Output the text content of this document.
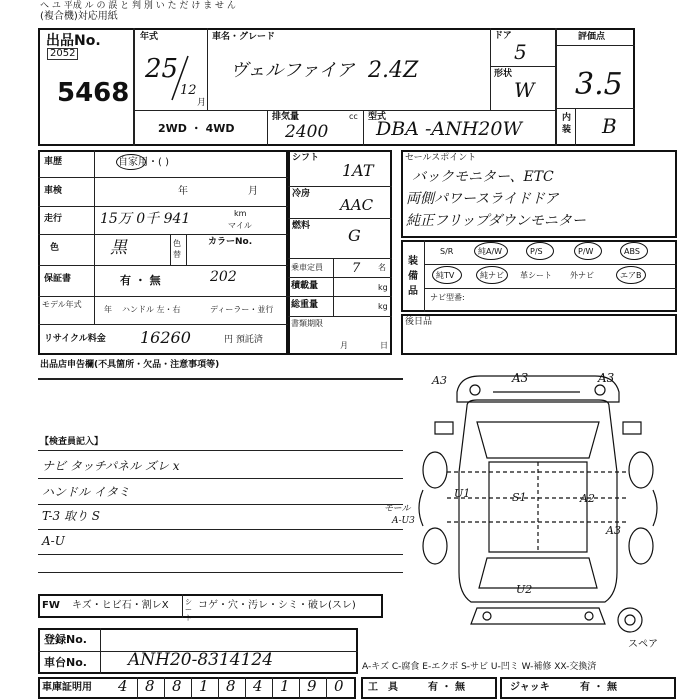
へ ユ 平成 ル の 誤 と 判 別 い た だ け ま せ ん
(複合機)対応用紙
出品No.
2052
5468
年式
25
12
月
車名・グレード
ヴェルファイア 2.4Z
ドア
5
形状
W
2WD ・ 4WD
排気量	cc
2400
型式
DBA -ANH20W
評価点
3.5
内装 B
車歴	自家用・( )
車検	年	月
走行	15万 0千 941	km
マイル
色	黒	色替
カラーNo.
保証書	有 ・ 無	202
モデル年式
年 ハンドル 左・右	ディーラー・並行
リサイクル料金 16260	円 預託済
シフト
1AT
冷房
AAC
燃料 G
乗車定員 7 名
積載量	kg
総重量	kg
書類期限
月	日
セールスポイント
バックモニター、ETC
両側パワースライドドア
純正フリップダウンモニター
装備品
S/R	純A/W	P/S	P/W	ABS
純TV	純ナビ 革シート 外ナビ	エアB
ナビ型番:
後日品
出品店申告欄(不具箇所・欠品・注意事項等)
【検査員記入】
ナビ タッチパネル ズレ x
ハンドル イタミ
T-3 取り S
A-U
A3	A3	A3
U1	S1	A2
U2
A3
モール
A-U3
スペア
FW キズ・ヒビ石・割レX シート
コゲ・穴・汚レ・シミ・破レ(スレ)
登録No.
車台No. ANH20-8314124	A-キズ C-腐食 E-エクボ S-サビ U-凹ミ W-補修 XX-交換済
車庫証明用 4 8 8 1 8 4 1 9 0 工　具	有 ・ 無	ジャッキ	有 ・ 無
